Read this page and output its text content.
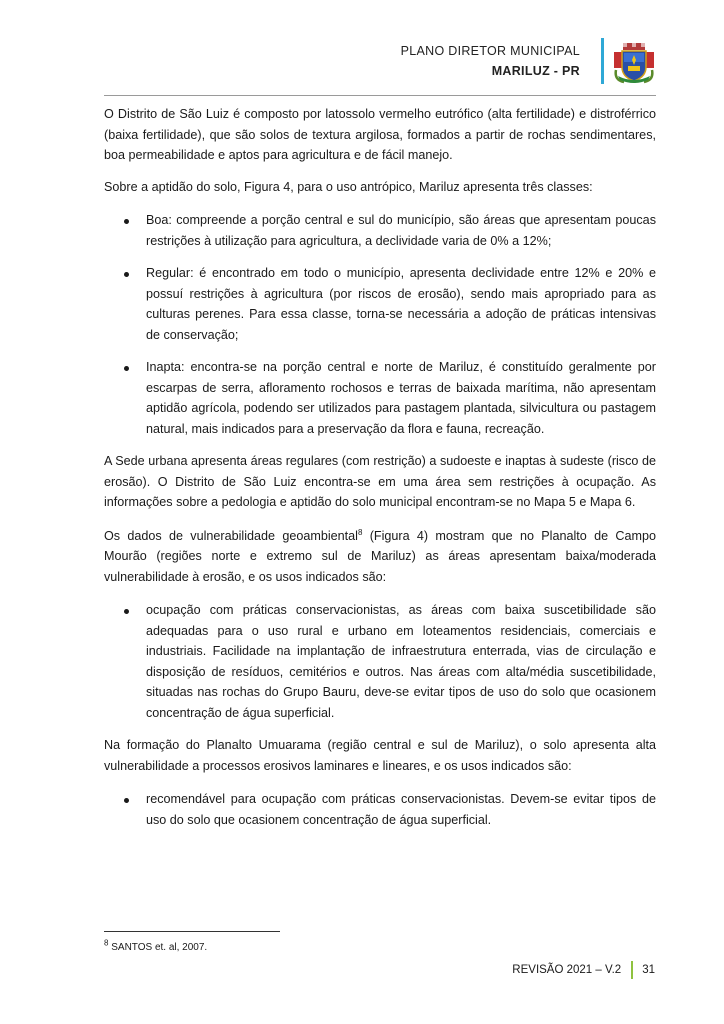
PLANO DIRETOR MUNICIPAL
MARILUZ - PR

O Distrito de São Luiz é composto por latossolo vermelho eutrófico (alta fertilidade) e distroférrico (baixa fertilidade), que são solos de textura argilosa, formados a partir de rochas sendimentares, boa permeabilidade e aptos para agricultura e de fácil manejo.

Sobre a aptidão do solo, Figura 4, para o uso antrópico, Mariluz apresenta três classes:

Boa: compreende a porção central e sul do município, são áreas que apresentam poucas restrições à utilização para agricultura, a declividade varia de 0% a 12%;
Regular: é encontrado em todo o município, apresenta declividade entre 12% e 20% e possuí restrições à agricultura (por riscos de erosão), sendo mais apropriado para as culturas perenes. Para essa classe, torna-se necessária a adoção de práticas intensivas de conservação;
Inapta: encontra-se na porção central e norte de Mariluz, é constituído geralmente por escarpas de serra, afloramento rochosos e terras de baixada marítima, não apresentam aptidão agrícola, podendo ser utilizados para pastagem plantada, silvicultura ou pastagem natural, mais indicados para a preservação da flora e fauna, recreação.

A Sede urbana apresenta áreas regulares (com restrição) a sudoeste e inaptas à sudeste (risco de erosão). O Distrito de São Luiz encontra-se em uma área sem restrições à ocupação. As informações sobre a pedologia e aptidão do solo municipal encontram-se no Mapa 5 e Mapa 6.

Os dados de vulnerabilidade geoambiental$^8$ (Figura 4) mostram que no Planalto de Campo Mourão (regiões norte e extremo sul de Mariluz) as áreas apresentam baixa/moderada vulnerabilidade à erosão, e os usos indicados são:

ocupação com práticas conservacionistas, as áreas com baixa suscetibilidade são adequadas para o uso rural e urbano em loteamentos residenciais, comerciais e industriais. Facilidade na implantação de infraestrutura enterrada, vias de circulação e disposição de resíduos, cemitérios e outros. Nas áreas com alta/média suscetibilidade, situadas nas rochas do Grupo Bauru, deve-se evitar tipos de uso do solo que ocasionem concentração de água superficial.

Na formação do Planalto Umuarama (região central e sul de Mariluz), o solo apresenta alta vulnerabilidade a processos erosivos laminares e lineares, e os usos indicados são:

recomendável para ocupação com práticas conservacionistas. Devem-se evitar tipos de uso do solo que ocasionem concentração de água superficial.
$^8$ SANTOS et. al, 2007.
REVISÃO 2021 – V.2 31
